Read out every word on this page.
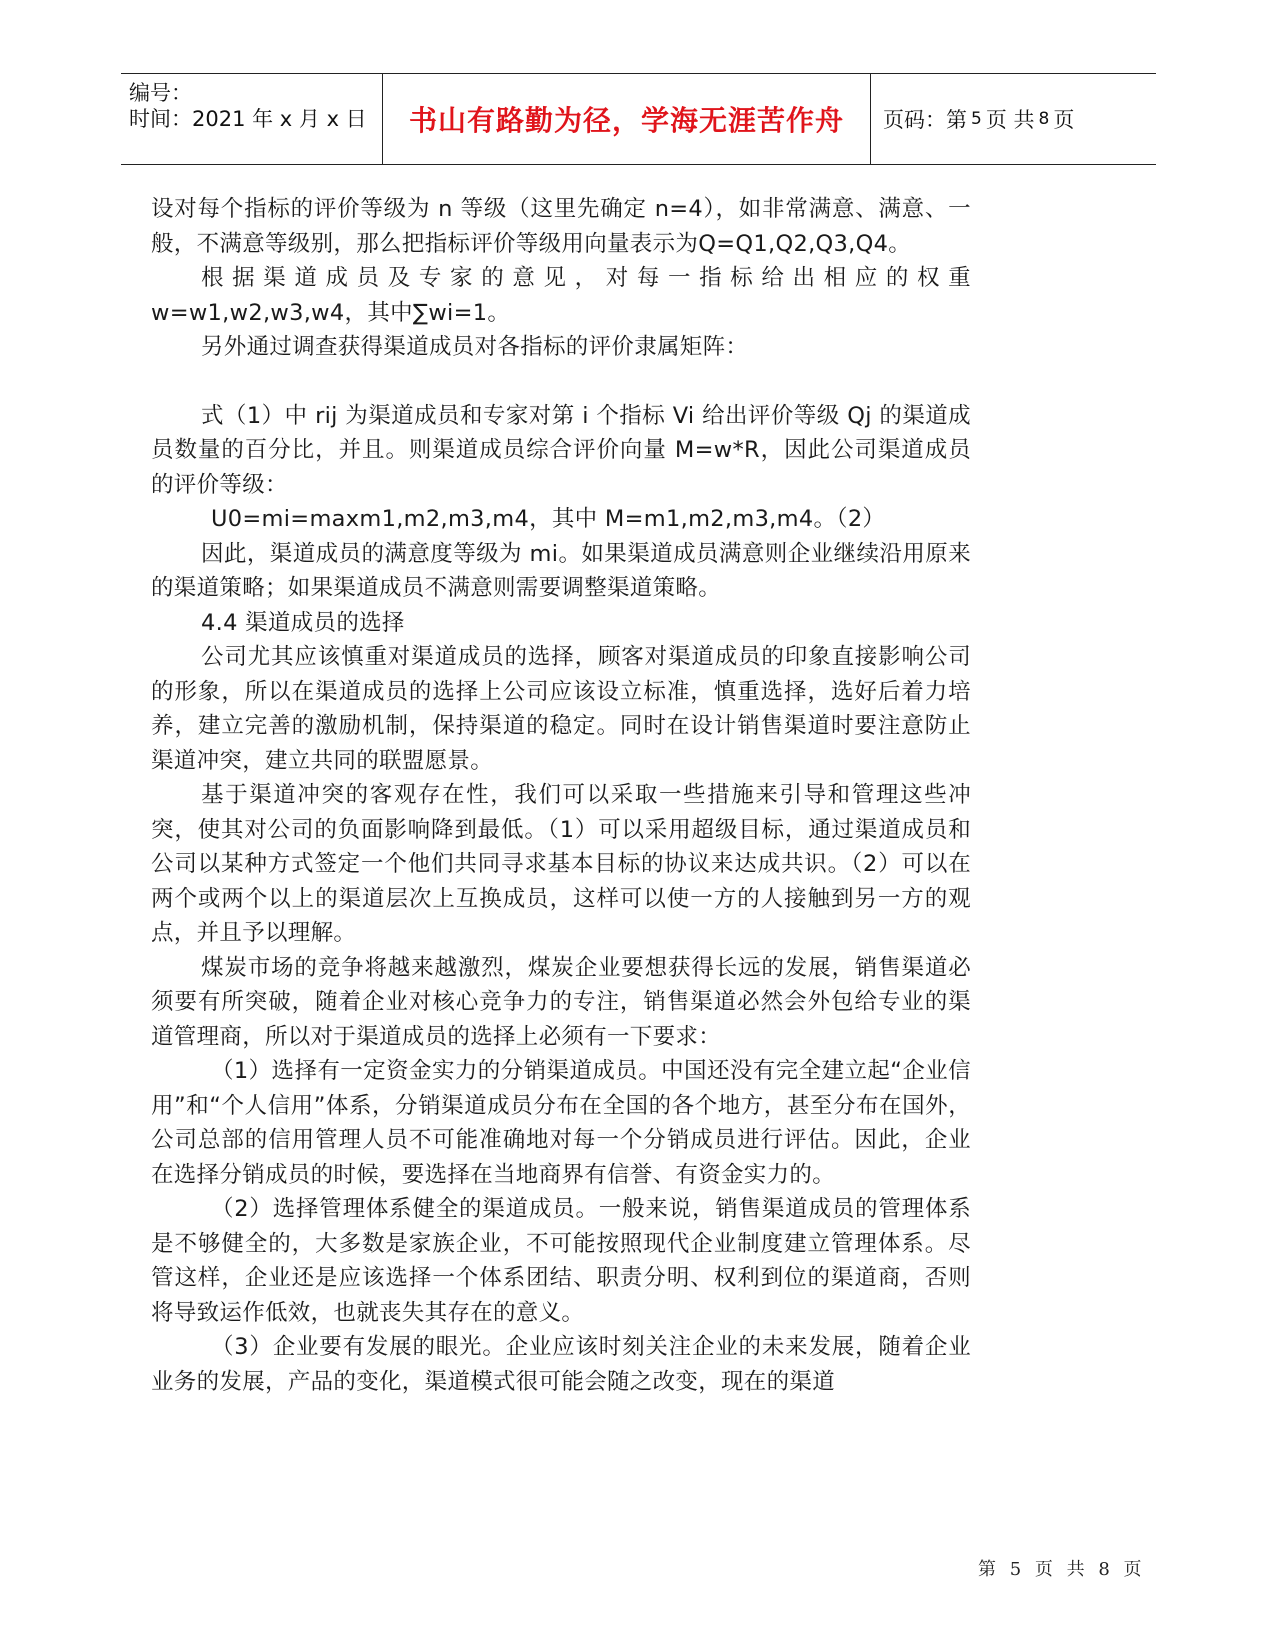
编号：
时间：2021 年 x 月 x 日 书山有路勤为径，学海无涯苦作舟 页码：第 5 页 共 8 页

设对每个指标的评价等级为 n 等级（这里先确定 n=4），如非常满意、满意、一般，不满意等级别，那么把指标评价等级用向量表示为Q=Q1,Q2,Q3,Q4。

根据渠道成员及专家的意见，对每一指标给出相应的权重w=w1,w2,w3,w4，其中∑wi=1。

另外通过调查获得渠道成员对各指标的评价隶属矩阵：

式（1）中 rij 为渠道成员和专家对第 i 个指标 Vi 给出评价等级 Qj 的渠道成员数量的百分比，并且。则渠道成员综合评价向量 M=w*R，因此公司渠道成员的评价等级：

U0=mi=maxm1,m2,m3,m4，其中 M=m1,m2,m3,m4。（2）

因此，渠道成员的满意度等级为 mi。如果渠道成员满意则企业继续沿用原来的渠道策略；如果渠道成员不满意则需要调整渠道策略。

4.4 渠道成员的选择

公司尤其应该慎重对渠道成员的选择，顾客对渠道成员的印象直接影响公司的形象，所以在渠道成员的选择上公司应该设立标准，慎重选择，选好后着力培养，建立完善的激励机制，保持渠道的稳定。同时在设计销售渠道时要注意防止渠道冲突，建立共同的联盟愿景。

基于渠道冲突的客观存在性，我们可以采取一些措施来引导和管理这些冲突，使其对公司的负面影响降到最低。（1）可以采用超级目标，通过渠道成员和公司以某种方式签定一个他们共同寻求基本目标的协议来达成共识。（2）可以在两个或两个以上的渠道层次上互换成员，这样可以使一方的人接触到另一方的观点，并且予以理解。

煤炭市场的竞争将越来越激烈，煤炭企业要想获得长远的发展，销售渠道必须要有所突破，随着企业对核心竞争力的专注，销售渠道必然会外包给专业的渠道管理商，所以对于渠道成员的选择上必须有一下要求：

（1）选择有一定资金实力的分销渠道成员。中国还没有完全建立起“企业信用”和“个人信用”体系，分销渠道成员分布在全国的各个地方，甚至分布在国外，公司总部的信用管理人员不可能准确地对每一个分销成员进行评估。因此，企业在选择分销成员的时候，要选择在当地商界有信誉、有资金实力的。

（2）选择管理体系健全的渠道成员。一般来说，销售渠道成员的管理体系是不够健全的，大多数是家族企业，不可能按照现代企业制度建立管理体系。尽管这样，企业还是应该选择一个体系团结、职责分明、权利到位的渠道商，否则将导致运作低效，也就丧失其存在的意义。

（3）企业要有发展的眼光。企业应该时刻关注企业的未来发展，随着企业业务的发展，产品的变化，渠道模式很可能会随之改变，现在的渠道

第 5 页 共 8 页
